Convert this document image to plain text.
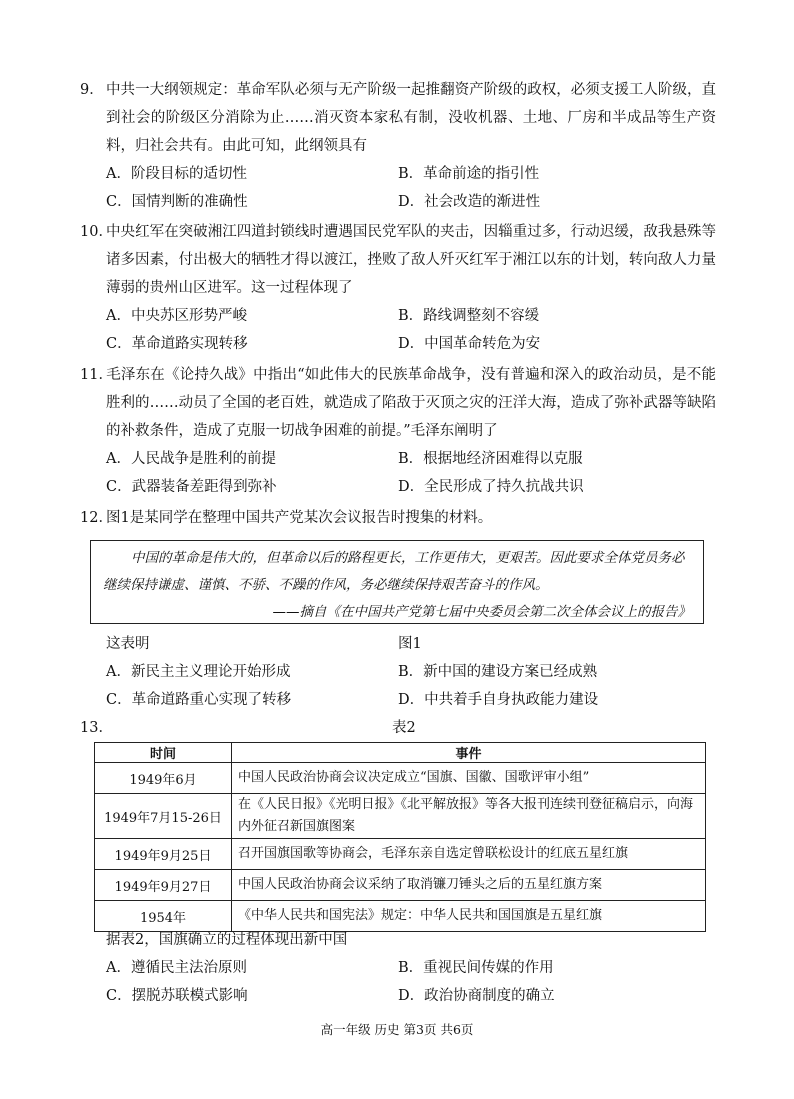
9． 中共一大纲领规定：革命军队必须与无产阶级一起推翻资产阶级的政权，必须支援工人阶级，直到社会的阶级区分消除为止……消灭资本家私有制，没收机器、土地、厂房和半成品等生产资料，归社会共有。由此可知，此纲领具有

A．阶段目标的适切性	B．革命前途的指引性
C．国情判断的准确性	D．社会改造的渐进性

10．中央红军在突破湘江四道封锁线时遭遇国民党军队的夹击，因辎重过多，行动迟缓，敌我悬殊等诸多因素，付出极大的牺牲才得以渡江，挫败了敌人歼灭红军于湘江以东的计划，转向敌人力量薄弱的贵州山区进军。这一过程体现了

A．中央苏区形势严峻	B．路线调整刻不容缓
C．革命道路实现转移	D．中国革命转危为安

11．毛泽东在《论持久战》中指出“如此伟大的民族革命战争，没有普遍和深入的政治动员，是不能胜利的……动员了全国的老百姓，就造成了陷敌于灭顶之灾的汪洋大海，造成了弥补武器等缺陷的补救条件，造成了克服一切战争困难的前提。”毛泽东阐明了

A．人民战争是胜利的前提	B．根据地经济困难得以克服
C．武器装备差距得到弥补	D．全民形成了持久抗战共识

12．图1是某同学在整理中国共产党某次会议报告时搜集的材料。

中国的革命是伟大的，但革命以后的路程更长，工作更伟大，更艰苦。因此要求全体党员务必继续保持谦虚、谨慎、不骄、不躁的作风，务必继续保持艰苦奋斗的作风。

——摘自《在中国共产党第七届中央委员会第二次全体会议上的报告》

这表明
A．新民主主义理论开始形成	B．新中国的建设方案已经成熟
C．革命道路重心实现了转移	D．中共着手自身执政能力建设
图1
13．	表2
时间	事件
1949年6月	中国人民政治协商会议决定成立“国旗、国徽、国歌评审小组”
1949年7月15-26日	在《人民日报》《光明日报》《北平解放报》等各大报刊连续刊登征稿启示，向海内外征召新国旗图案
1949年9月25日	召开国旗国歌等协商会，毛泽东亲自选定曾联松设计的红底五星红旗
1949年9月27日	中国人民政治协商会议采纳了取消镰刀锤头之后的五星红旗方案
1954年	《中华人民共和国宪法》规定：中华人民共和国国旗是五星红旗
据表2，国旗确立的过程体现出新中国
A．遵循民主法治原则	B．重视民间传媒的作用
C．摆脱苏联模式影响	D．政治协商制度的确立
高一年级 历史 第3页 共6页
